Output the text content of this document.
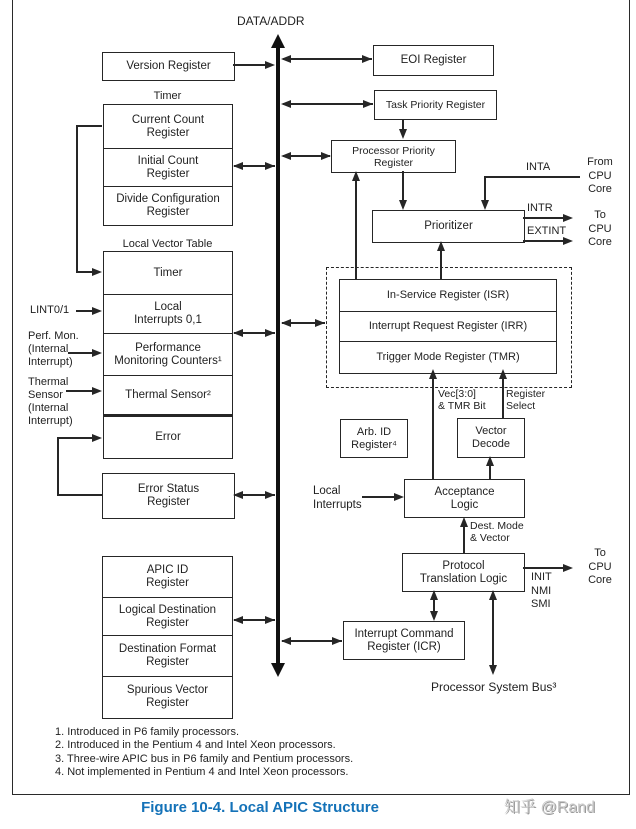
DATA/ADDR
Version Register
Timer
Current Count
Register
Initial Count
Register
Divide Configuration
Register
Local Vector Table
Timer
Local
Interrupts 0,1
Performance
Monitoring Counters¹
Thermal Sensor²
Error
Error Status
Register
APIC ID
Register
Logical Destination
Register
Destination Format
Register
Spurious Vector
Register
EOI Register
Task Priority Register
Processor Priority
Register
Prioritizer
In-Service Register (ISR)
Interrupt Request Register (IRR)
Trigger Mode Register (TMR)
Arb. ID
Register⁴
Vector
Decode
Acceptance
Logic
Protocol
Translation Logic
Interrupt Command
Register (ICR)
LINT0/1
Perf. Mon.
(Internal
Interrupt)
Thermal
Sensor
(Internal
Interrupt)
INTA	From
CPU
Core
INTR
EXTINT
To
CPU
Core
INIT
NMI
SMI
To
CPU
Core
Vec[3:0]
& TMR Bit
Register
Select
Local
Interrupts
Dest. Mode
& Vector
Processor System Bus³
1. Introduced in P6 family processors.
2. Introduced in the Pentium 4 and Intel Xeon processors.
3. Three-wire APIC bus in P6 family and Pentium processors.
4. Not implemented in Pentium 4 and Intel Xeon processors.
Figure 10-4. Local APIC Structure	知乎 @Rand
